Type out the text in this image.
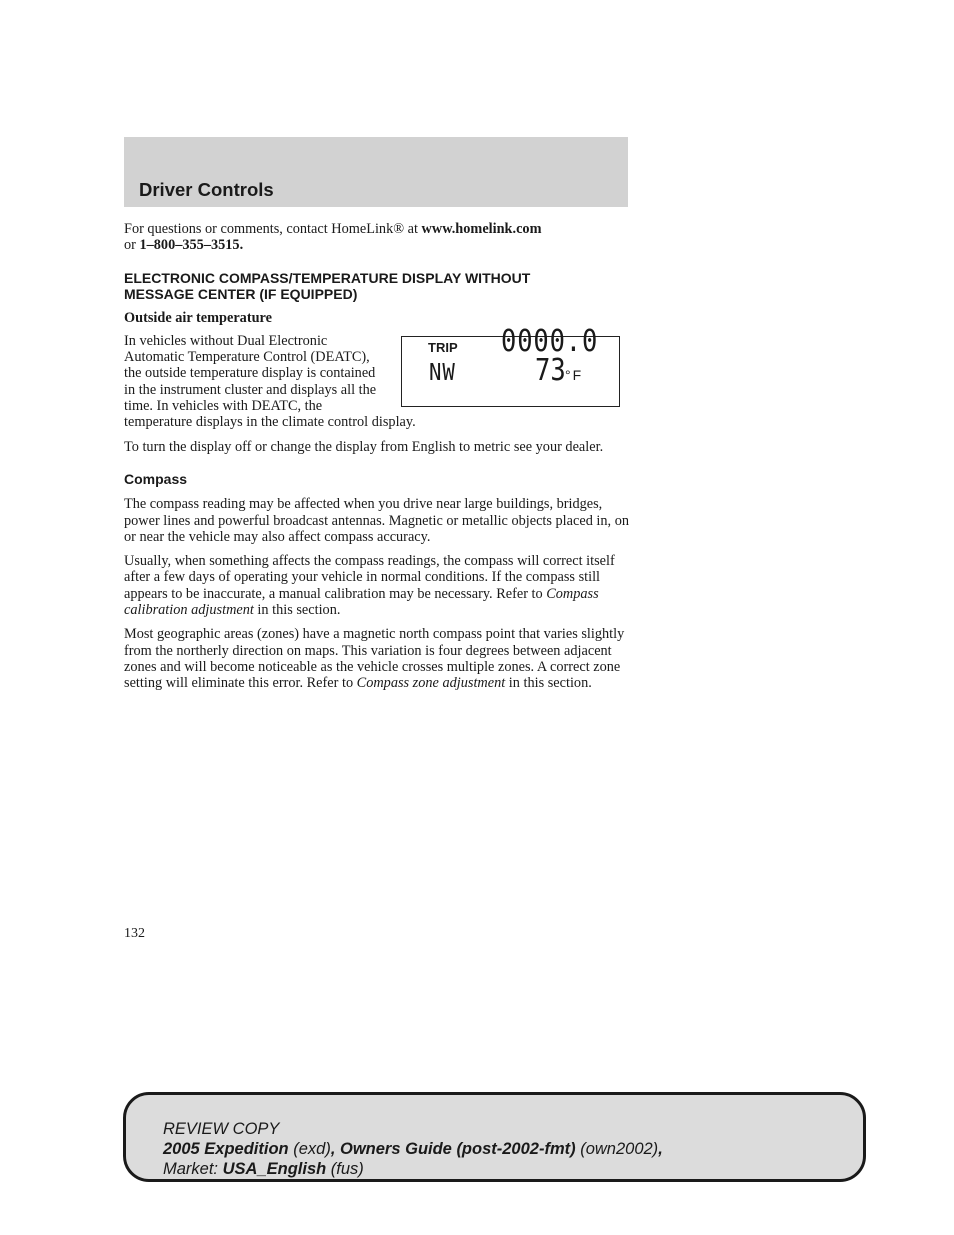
Driver Controls

For questions or comments, contact HomeLink® at www.homelink.com
or 1–800–355–3515.

ELECTRONIC COMPASS/TEMPERATURE DISPLAY WITHOUT
MESSAGE CENTER (IF EQUIPPED)
Outside air temperature
TRIP 0000.0
NW	73 °F

In vehicles without Dual Electronic Automatic Temperature Control (DEATC), the outside temperature display is contained in the instrument cluster and displays all the time. In vehicles with DEATC, the temperature displays in the climate control display.

To turn the display off or change the display from English to metric see your dealer.

Compass

The compass reading may be affected when you drive near large buildings, bridges, power lines and powerful broadcast antennas. Magnetic or metallic objects placed in, on or near the vehicle may also affect compass accuracy.

Usually, when something affects the compass readings, the compass will correct itself after a few days of operating your vehicle in normal conditions. If the compass still appears to be inaccurate, a manual calibration may be necessary. Refer to Compass calibration adjustment in this section.

Most geographic areas (zones) have a magnetic north compass point that varies slightly from the northerly direction on maps. This variation is four degrees between adjacent zones and will become noticeable as the vehicle crosses multiple zones. A correct zone setting will eliminate this error. Refer to Compass zone adjustment in this section.

132
REVIEW COPY
2005 Expedition (exd), Owners Guide (post-2002-fmt) (own2002),
Market: USA_English (fus)
